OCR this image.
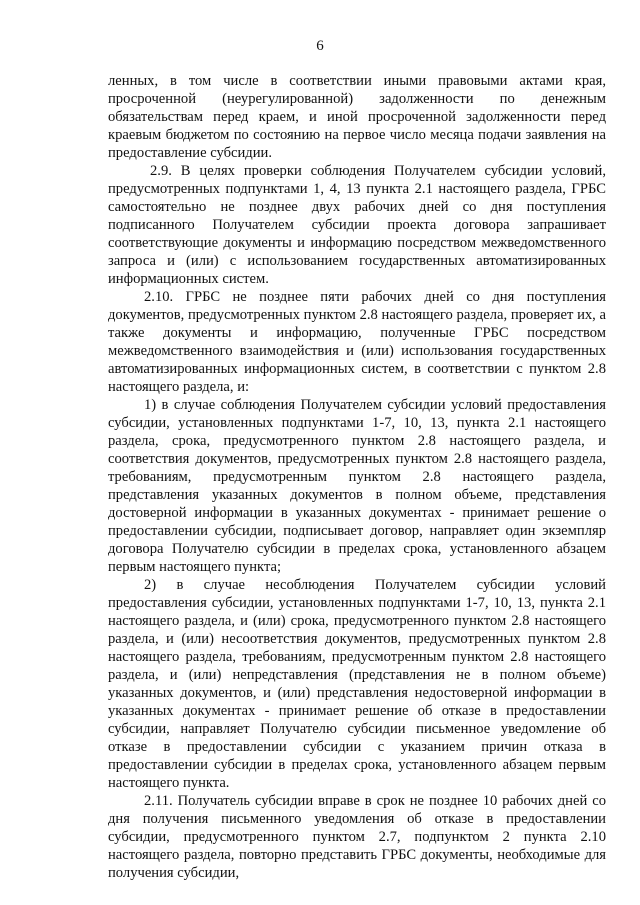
6

ленных, в том числе в соответствии иными правовыми актами края, просроченной (неурегулированной) задолженности по денежным обязательствам перед краем, и иной просроченной задолженности перед краевым бюджетом по состоянию на первое число месяца подачи заявления на предоставление субсидии.

2.9. В целях проверки соблюдения Получателем субсидии условий, предусмотренных подпунктами 1, 4, 13 пункта 2.1 настоящего раздела, ГРБС самостоятельно не позднее двух рабочих дней со дня поступления подписанного Получателем субсидии проекта договора запрашивает соответствующие документы и информацию посредством межведомственного запроса и (или) с использованием государственных автоматизированных информационных систем.

2.10. ГРБС не позднее пяти рабочих дней со дня поступления документов, предусмотренных пунктом 2.8 настоящего раздела, проверяет их, а также документы и информацию, полученные ГРБС посредством межведомственного взаимодействия и (или) использования государственных автоматизированных информационных систем, в соответствии с пунктом 2.8 настоящего раздела, и:

1) в случае соблюдения Получателем субсидии условий предоставления субсидии, установленных подпунктами 1-7, 10, 13, пункта 2.1 настоящего раздела, срока, предусмотренного пунктом 2.8 настоящего раздела, и соответствия документов, предусмотренных пунктом 2.8 настоящего раздела, требованиям, предусмотренным пунктом 2.8 настоящего раздела, представления указанных документов в полном объеме, представления достоверной информации в указанных документах - принимает решение о предоставлении субсидии, подписывает договор, направляет один экземпляр договора Получателю субсидии в пределах срока, установленного абзацем первым настоящего пункта;

2) в случае несоблюдения Получателем субсидии условий предоставления субсидии, установленных подпунктами 1-7, 10, 13, пункта 2.1 настоящего раздела, и (или) срока, предусмотренного пунктом 2.8 настоящего раздела, и (или) несоответствия документов, предусмотренных пунктом 2.8 настоящего раздела, требованиям, предусмотренным пунктом 2.8 настоящего раздела, и (или) непредставления (представления не в полном объеме) указанных документов, и (или) представления недостоверной информации в указанных документах - принимает решение об отказе в предоставлении субсидии, направляет Получателю субсидии письменное уведомление об отказе в предоставлении субсидии с указанием причин отказа в предоставлении субсидии в пределах срока, установленного абзацем первым настоящего пункта.

2.11. Получатель субсидии вправе в срок не позднее 10 рабочих дней со дня получения письменного уведомления об отказе в предоставлении субсидии, предусмотренного пунктом 2.7, подпунктом 2 пункта 2.10 настоящего раздела, повторно представить ГРБС документы, необходимые для получения субсидии,
